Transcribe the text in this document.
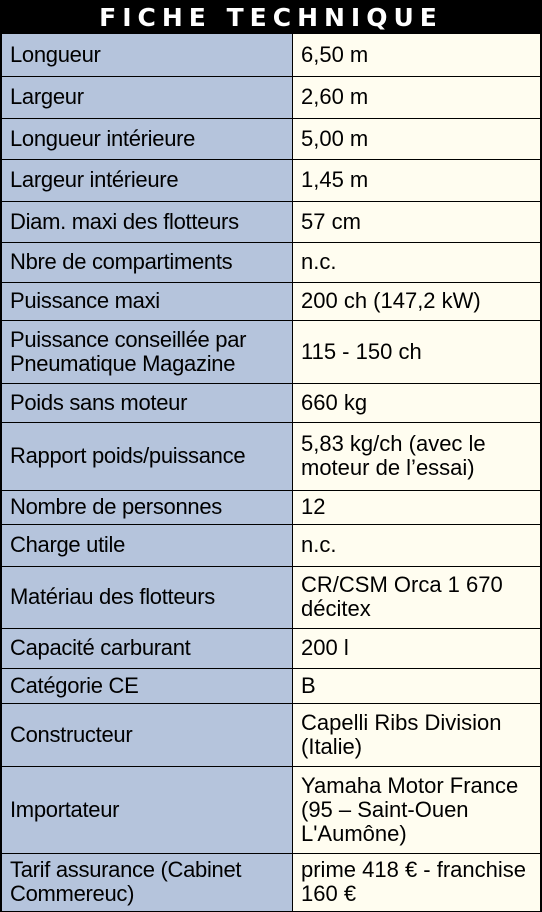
FICHE TECHNIQUE
Longueur	6,50 m
Largeur	2,60 m
Longueur intérieure	5,00 m
Largeur intérieure	1,45 m
Diam. maxi des flotteurs	57 cm
Nbre de compartiments	n.c.
Puissance maxi	200 ch (147,2 kW)
Puissance conseillée par Pneumatique Magazine	115 - 150 ch
Poids sans moteur	660 kg
Rapport poids/puissance	5,83 kg/ch (avec le moteur de l’essai)
Nombre de personnes	12
Charge utile	n.c.
Matériau des flotteurs	CR/CSM Orca 1 670 décitex
Capacité carburant	200 l
Catégorie CE	B
Constructeur	Capelli Ribs Division (Italie)
Importateur	Yamaha Motor France (95 – Saint-Ouen L'Aumône)
Tarif assurance (Cabinet Commereuc)	prime 418 € - franchise 160 €
